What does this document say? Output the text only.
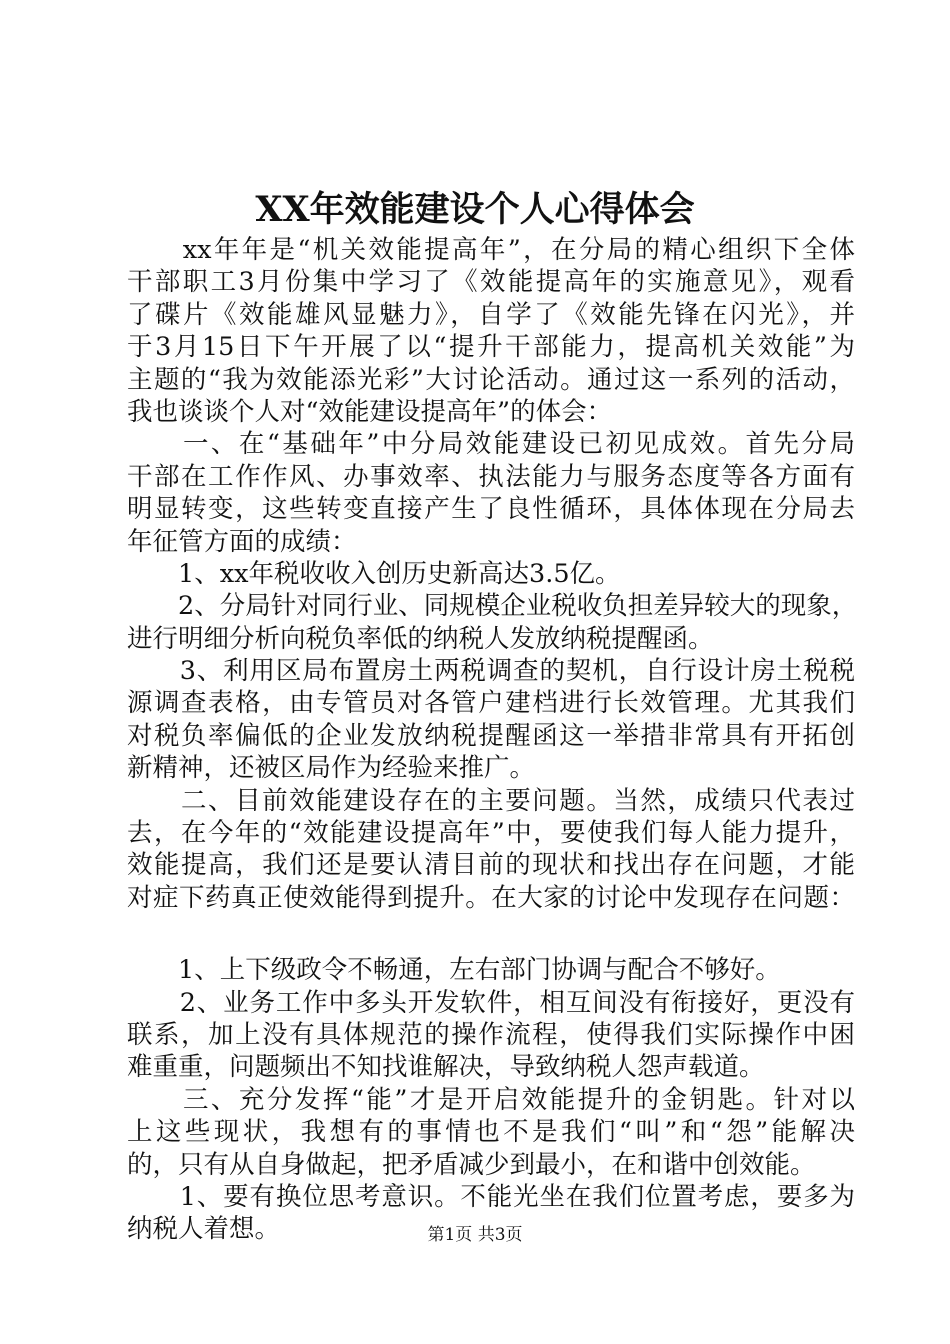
XX年效能建设个人心得体会
　　xx年年是“机关效能提高年”，在分局的精心组织下全体
干部职工3月份集中学习了《效能提高年的实施意见》，观看
了碟片《效能雄风显魅力》，自学了《效能先锋在闪光》，并
于3月15日下午开展了以“提升干部能力，提高机关效能”为
主题的“我为效能添光彩”大讨论活动。通过这一系列的活动，
我也谈谈个人对“效能建设提高年”的体会：
　　一、在“基础年”中分局效能建设已初见成效。首先分局
干部在工作作风、办事效率、执法能力与服务态度等各方面有
明显转变，这些转变直接产生了良性循环，具体体现在分局去
年征管方面的成绩：
　　1、xx年税收收入创历史新高达3.5亿。
　　2、分局针对同行业、同规模企业税收负担差异较大的现象，
进行明细分析向税负率低的纳税人发放纳税提醒函。
　　3、利用区局布置房土两税调查的契机，自行设计房土税税
源调查表格，由专管员对各管户建档进行长效管理。尤其我们
对税负率偏低的企业发放纳税提醒函这一举措非常具有开拓创
新精神，还被区局作为经验来推广。
　　二、目前效能建设存在的主要问题。当然，成绩只代表过
去，在今年的“效能建设提高年”中，要使我们每人能力提升，
效能提高，我们还是要认清目前的现状和找出存在问题，才能
对症下药真正使效能得到提升。在大家的讨论中发现存在问题：
　　1、上下级政令不畅通，左右部门协调与配合不够好。
　　2、业务工作中多头开发软件，相互间没有衔接好，更没有
联系，加上没有具体规范的操作流程，使得我们实际操作中困
难重重，问题频出不知找谁解决，导致纳税人怨声载道。
　　三、充分发挥“能”才是开启效能提升的金钥匙。针对以
上这些现状，我想有的事情也不是我们“叫”和“怨”能解决
的，只有从自身做起，把矛盾减少到最小，在和谐中创效能。
　　1、要有换位思考意识。不能光坐在我们位置考虑，要多为
纳税人着想。	第1页 共3页
